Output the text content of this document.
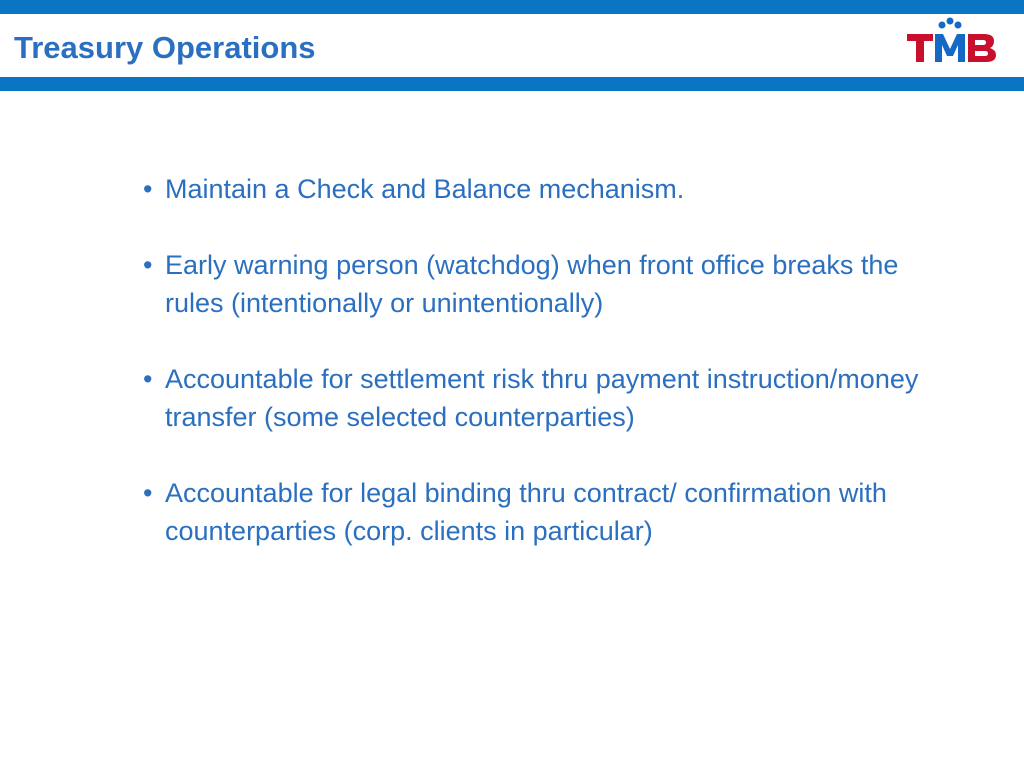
Treasury Operations

• Maintain a Check and Balance mechanism.

• Early warning person (watchdog) when front office breaks the rules (intentionally or unintentionally)

• Accountable for settlement risk thru payment instruction/money transfer (some selected counterparties)

• Accountable for legal binding thru contract/ confirmation with counterparties (corp. clients in particular)
